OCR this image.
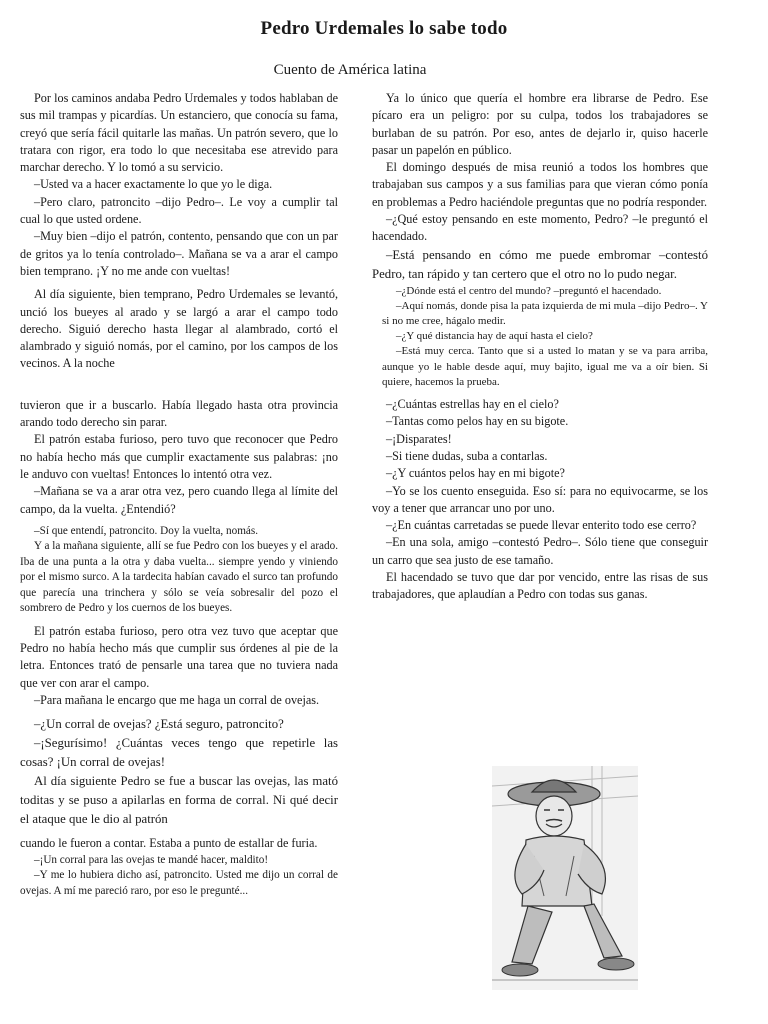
Pedro Urdemales lo sabe todo
Cuento de América latina

Por los caminos andaba Pedro Urdemales y todos hablaban de sus mil trampas y picardías. Un estanciero, que conocía su fama, creyó que sería fácil quitarle las mañas. Un patrón severo, que lo tratara con rigor, era todo lo que necesitaba ese atrevido para marchar derecho. Y lo tomó a su servicio.

–Usted va a hacer exactamente lo que yo le diga.

–Pero claro, patroncito –dijo Pedro–. Le voy a cumplir tal cual lo que usted ordene.

–Muy bien –dijo el patrón, contento, pensando que con un par de gritos ya lo tenía controlado–. Mañana se va a arar el campo bien temprano. ¡Y no me ande con vueltas!

Al día siguiente, bien temprano, Pedro Urdemales se levantó, unció los bueyes al arado y se largó a arar el campo todo derecho. Siguió derecho hasta llegar al alambrado, cortó el alambrado y siguió nomás, por el camino, por los campos de los vecinos. A la noche

tuvieron que ir a buscarlo. Había llegado hasta otra provincia arando todo derecho sin parar.

El patrón estaba furioso, pero tuvo que reconocer que Pedro no había hecho más que cumplir exactamente sus palabras: ¡no le anduvo con vueltas! Entonces lo intentó otra vez.

–Mañana se va a arar otra vez, pero cuando llega al límite del campo, da la vuelta. ¿Entendió?

–Sí que entendí, patroncito. Doy la vuelta, nomás.

Y a la mañana siguiente, allí se fue Pedro con los bueyes y el arado. Iba de una punta a la otra y daba vuelta... siempre yendo y viniendo por el mismo surco. A la tardecita habían cavado el surco tan profundo que parecía una trinchera y sólo se veía sobresalir del pozo el sombrero de Pedro y los cuernos de los bueyes.

El patrón estaba furioso, pero otra vez tuvo que aceptar que Pedro no había hecho más que cumplir sus órdenes al pie de la letra. Entonces trató de pensarle una tarea que no tuviera nada que ver con arar el campo.

–Para mañana le encargo que me haga un corral de ovejas.

–¿Un corral de ovejas? ¿Está seguro, patroncito?

–¡Segurísimo! ¿Cuántas veces tengo que repetirle las cosas? ¡Un corral de ovejas!

Al día siguiente Pedro se fue a buscar las ovejas, las mató toditas y se puso a apilarlas en forma de corral. Ni qué decir el ataque que le dio al patrón

cuando le fueron a contar. Estaba a punto de estallar de furia.

–¡Un corral para las ovejas te mandé hacer, maldito!

–Y me lo hubiera dicho así, patroncito. Usted me dijo un corral de ovejas. A mí me pareció raro, por eso le pregunté...

Ya lo único que quería el hombre era librarse de Pedro. Ese pícaro era un peligro: por su culpa, todos los trabajadores se burlaban de su patrón. Por eso, antes de dejarlo ir, quiso hacerle pasar un papelón en público.

El domingo después de misa reunió a todos los hombres que trabajaban sus campos y a sus familias para que vieran cómo ponía en problemas a Pedro haciéndole preguntas que no podría responder.

–¿Qué estoy pensando en este momento, Pedro? –le preguntó el hacendado.

–Está pensando en cómo me puede embromar –contestó Pedro, tan rápido y tan certero que el otro no lo pudo negar.

–¿Dónde está el centro del mundo? –preguntó el hacendado.

–Aquí nomás, donde pisa la pata izquierda de mi mula –dijo Pedro–. Y si no me cree, hágalo medir.

–¿Y qué distancia hay de aquí hasta el cielo?

–Está muy cerca. Tanto que si a usted lo matan y se va para arriba, aunque yo le hable desde aquí, muy bajito, igual me va a oír bien. Si quiere, hacemos la prueba.

–¿Cuántas estrellas hay en el cielo?

–Tantas como pelos hay en su bigote.

–¡Disparates!

–Si tiene dudas, suba a contarlas.

–¿Y cuántos pelos hay en mi bigote?

–Yo se los cuento enseguida. Eso sí: para no equivocarme, se los voy a tener que arrancar uno por uno.

–¿En cuántas carretadas se puede llevar enterito todo ese cerro?

–En una sola, amigo –contestó Pedro–. Sólo tiene que conseguir un carro que sea justo de ese tamaño.

El hacendado se tuvo que dar por vencido, entre las risas de sus trabajadores, que aplaudían a Pedro con todas sus ganas.
